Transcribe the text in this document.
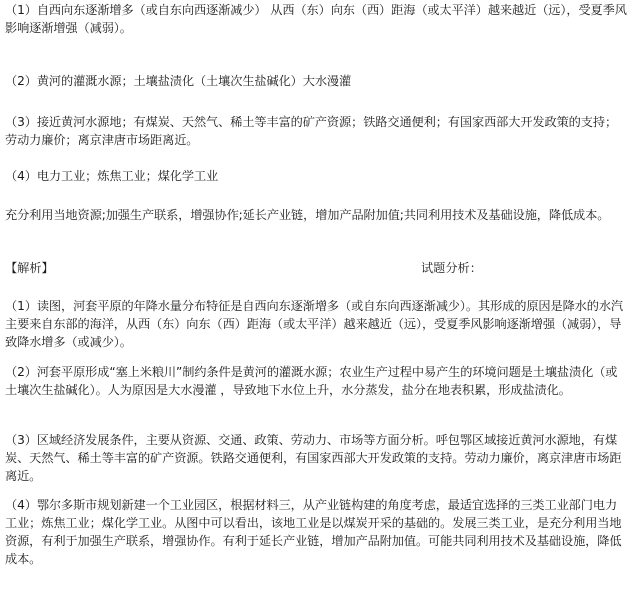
（1）自西向东逐渐增多（或自东向西逐渐减少） 从西（东）向东（西）距海（或太平洋）越来越近（远），受夏季风影响逐渐增强（减弱）。

（2）黄河的灌溉水源；土壤盐渍化（土壤次生盐碱化）大水漫灌

（3）接近黄河水源地；有煤炭、天然气、稀土等丰富的矿产资源；铁路交通便利；有国家西部大开发政策的支持；劳动力廉价；离京津唐市场距离近。

（4）电力工业；炼焦工业；煤化学工业

充分利用当地资源;加强生产联系，增强协作;延长产业链，增加产品附加值;共同利用技术及基础设施，降低成本。

【解析】	试题分析：

（1）读图，河套平原的年降水量分布特征是自西向东逐渐增多（或自东向西逐渐减少）。其形成的原因是降水的水汽主要来自东部的海洋，从西（东）向东（西）距海（或太平洋）越来越近（远），受夏季风影响逐渐增强（减弱），导致降水增多（或减少）。

（2）河套平原形成“塞上米粮川”制约条件是黄河的灌溉水源；农业生产过程中易产生的环境问题是土壤盐渍化（或土壤次生盐碱化）。人为原因是大水漫灌 ，导致地下水位上升，水分蒸发，盐分在地表积累，形成盐渍化。

（3）区域经济发展条件，主要从资源、交通、政策、劳动力、市场等方面分析。呼包鄂区域接近黄河水源地，有煤炭、天然气、稀土等丰富的矿产资源。铁路交通便利，有国家西部大开发政策的支持。劳动力廉价，离京津唐市场距离近。

（4）鄂尔多斯市规划新建一个工业园区，根据材料三，从产业链构建的角度考虑，最适宜选择的三类工业部门电力工业；炼焦工业；煤化学工业。从图中可以看出，该地工业是以煤炭开采的基础的。发展三类工业，是充分利用当地资源，有利于加强生产联系，增强协作。有利于延长产业链，增加产品附加值。可能共同利用技术及基础设施，降低成本。
